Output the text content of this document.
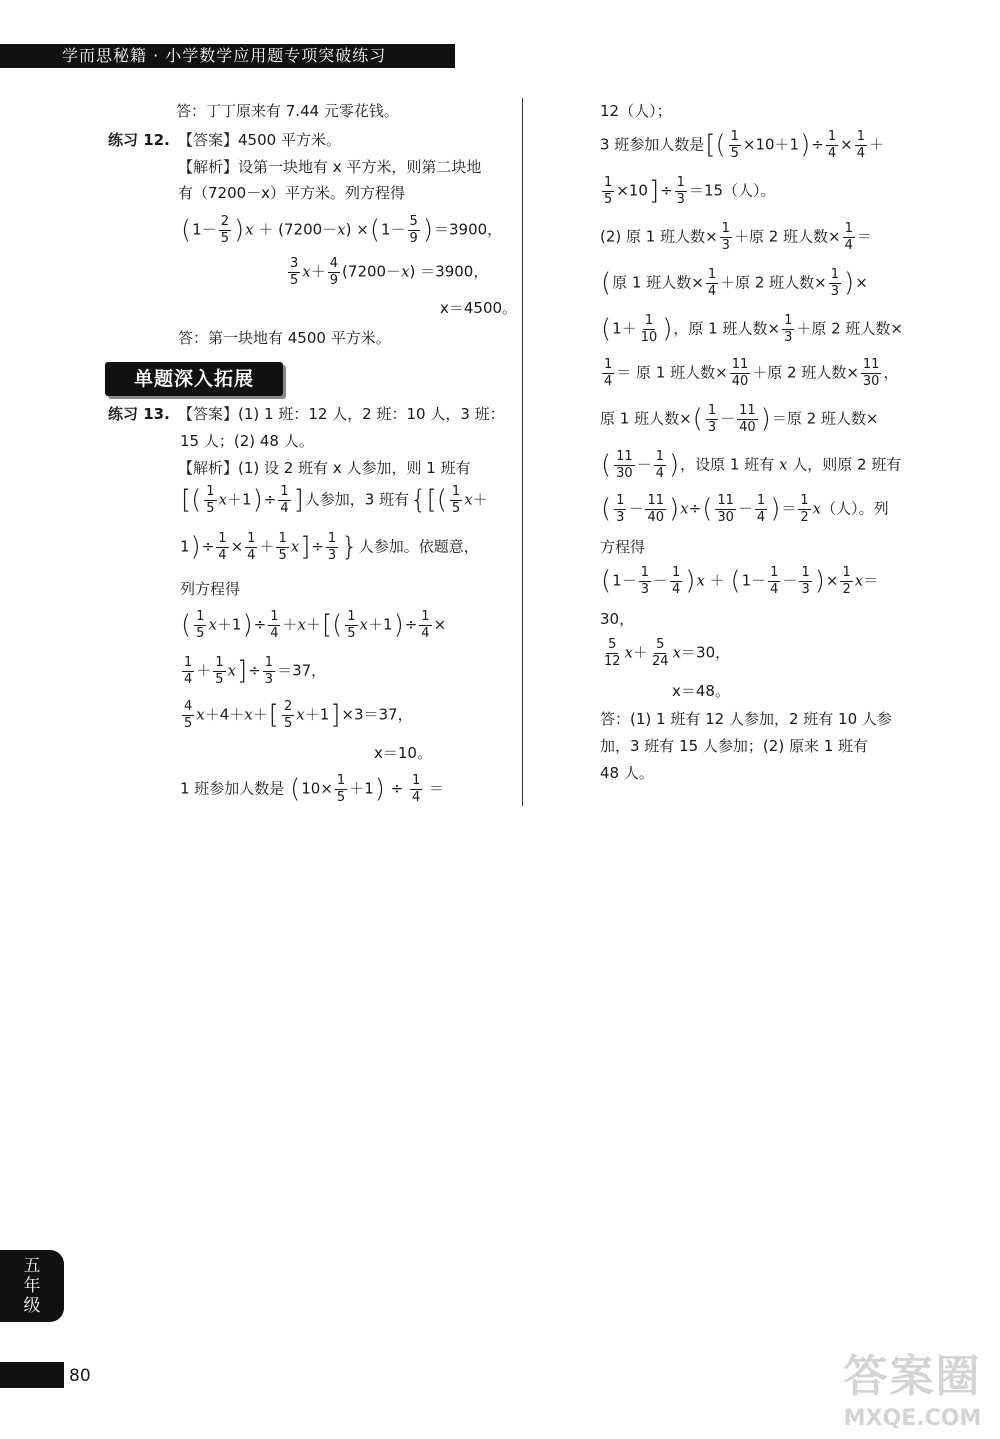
学而思秘籍 · 小学数学应用题专项突破练习
答：丁丁原来有 7.44 元零花钱。
练习 12. 【答案】4500 平方米。
【解析】设第一块地有 x 平方米，则第二块地
有（7200－x）平方米。列方程得
$(1- \frac{2}{5} )x + (7200-x) \times(1- \frac{5}{9} )=3900$，
$\frac{3}{5} x+ \frac{4}{9} (7200-x) =3900$，
x＝4500。
答：第一块地有 4500 平方米。
单题深入拓展
练习 13. 【答案】(1) 1 班：12 人，2 班：10 人，3 班：
15 人；(2) 48 人。
【解析】(1) 设 2 班有 x 人参加，则 1 班有
[( $\frac{1}{5} x+1)\div \frac{1}{4}$ ]人参加，3 班有{[( $\frac{1}{5} x+$
$1)\div \frac{1}{4} \times \frac{1}{4} + \frac{1}{5} x]\div \frac{1}{3}$ }人参加。依题意，
列方程得
( $\frac{1}{5} x+1)\div \frac{1}{4} +x+[( \frac{1}{5} x+1)\div \frac{1}{4}$ ×
$\frac{1}{4} + \frac{1}{5} x]\div \frac{1}{3} =37$，
$\frac{4}{5} x+4+x+[ \frac{2}{5} x+1]\times 3=37$，
x＝10。
1 班参加人数是 $(10\times \frac{1}{5} +1) \div \frac{1}{4}$ ＝
12（人）；
3 班参加人数是[( $\frac{1}{5} \times 10+1)\div \frac{1}{4} \times \frac{1}{4}$ ＋
$\frac{1}{5} \times 10]\div \frac{1}{3} =15$（人）。
(2) 原 1 班人数× $\frac{1}{3}$ ＋原 2 班人数× $\frac{1}{4}$ ＝
(原 1 班人数× $\frac{1}{4}$ ＋原 2 班人数× $\frac{1}{3}$ )×
($1+ \frac{1}{10}$ )，原 1 班人数× $\frac{1}{3}$ ＋原 2 班人数×
$\frac{1}{4}$ ＝ 原 1 班人数× $\frac{11}{40}$ ＋原 2 班人数× $\frac{11}{30}$ ，
原 1 班人数×( $\frac{1}{3} - \frac{11}{40}$ )＝原 2 班人数×
( $\frac{11}{30} - \frac{1}{4}$ )，设原 1 班有 x 人，则原 2 班有
( $\frac{1}{3} - \frac{11}{40} )x\div( \frac{11}{30} - \frac{1}{4}$ )＝ $\frac{1}{2} x$（人）。列
方程得
$(1- \frac{1}{3} - \frac{1}{4} )x + (1- \frac{1}{4} - \frac{1}{3}$ )× $\frac{1}{2} x=$
30，
$\frac{5}{12} x+ \frac{5}{24} x=30$，
x＝48。
答：(1) 1 班有 12 人参加，2 班有 10 人参
加，3 班有 15 人参加；(2) 原来 1 班有
48 人。
五
年
级
80	答案圈
MXQE.COM
